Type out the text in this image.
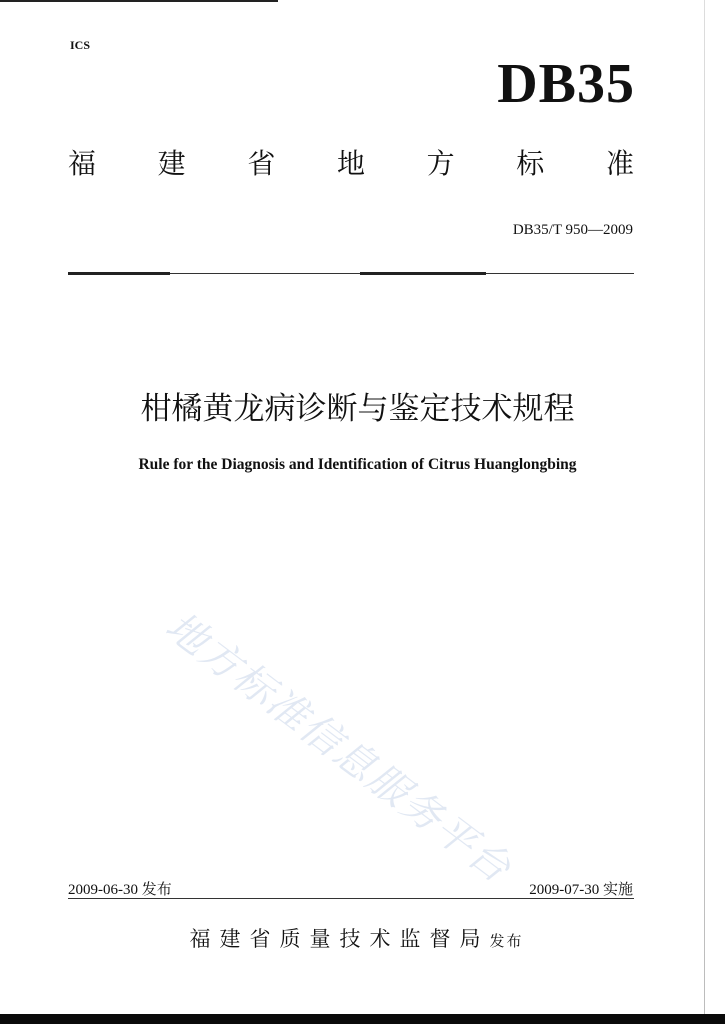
ICS
DB35
福 建 省 地 方 标 准
DB35/T 950—2009
柑橘黄龙病诊断与鉴定技术规程
Rule for the Diagnosis and Identification of Citrus Huanglongbing
地方标准信息服务平台
2009-06-30 发布	2009-07-30 实施
福建省质量技术监督局发布
